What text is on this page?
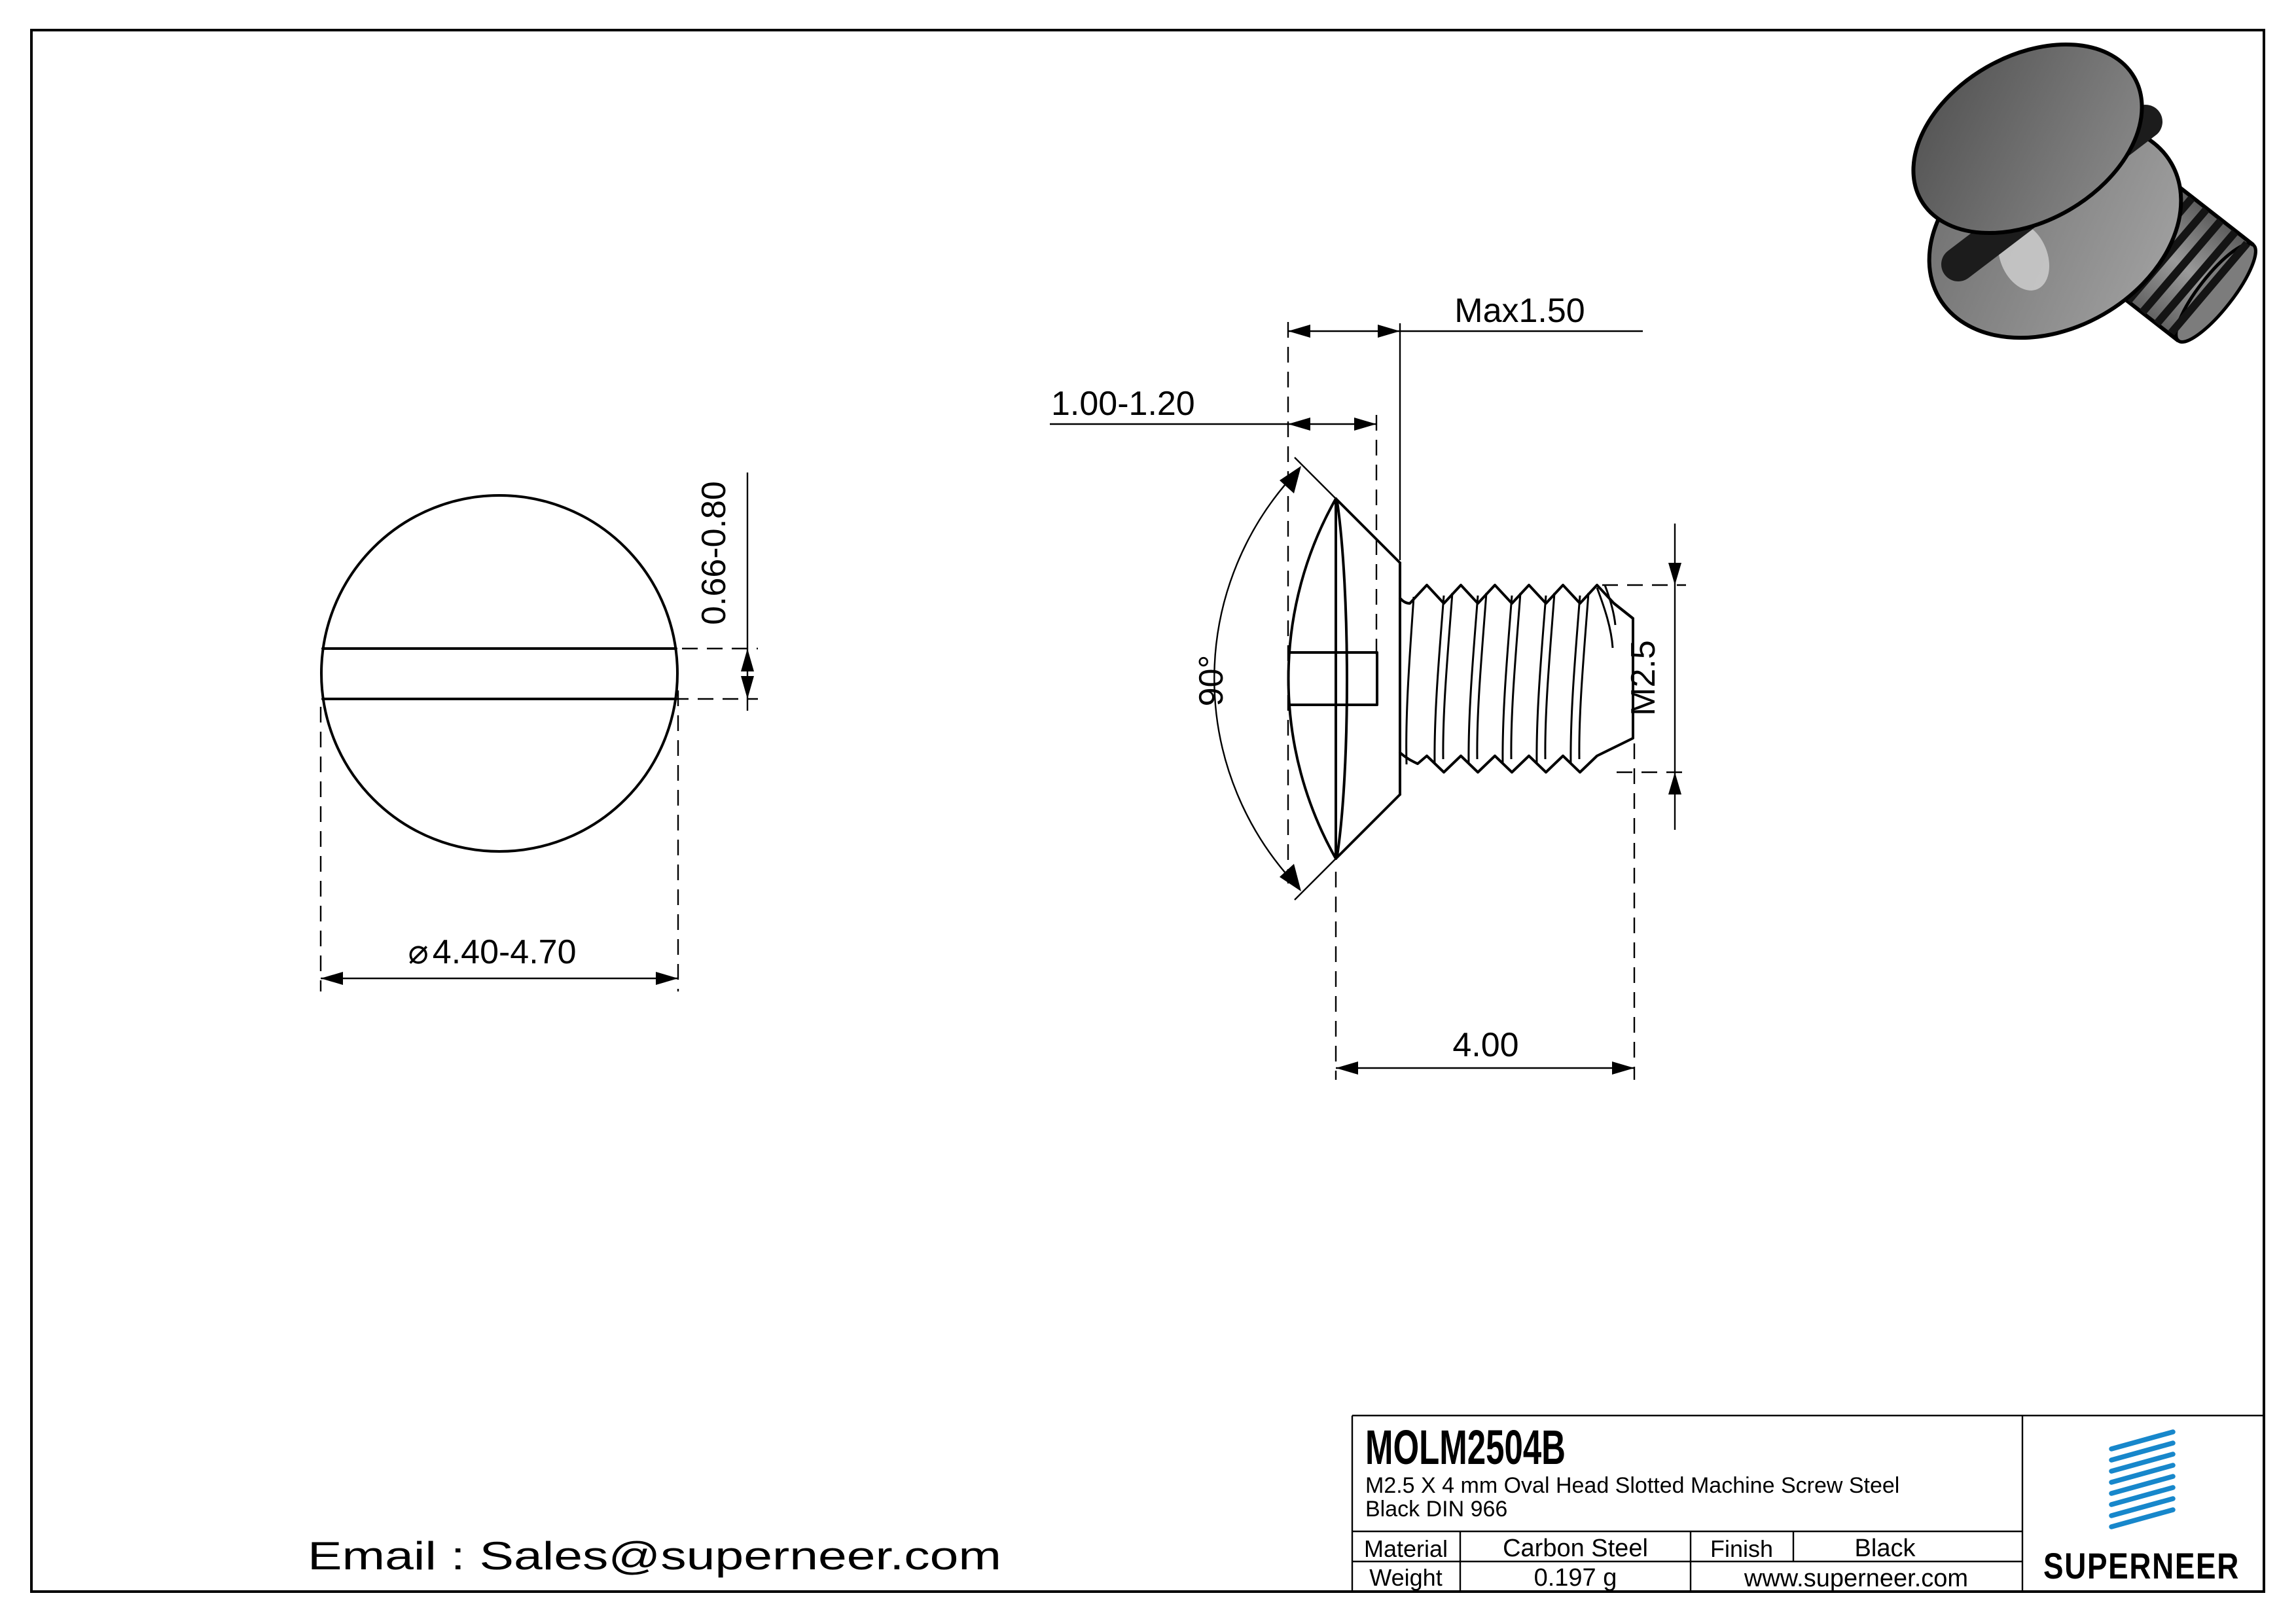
0.66-0.80
⌀ 4.40-4.70
Max1.50
1.00-1.20
90°	M2.5
4.00
Email : Sales@superneer.com
MOLM2504B
M2.5 X 4 mm Oval Head Slotted Machine Screw Steel
Black DIN 966
Material Carbon Steel	Finish	Black
Weight	0.197 g	www.superneer.com SUPERNEER
